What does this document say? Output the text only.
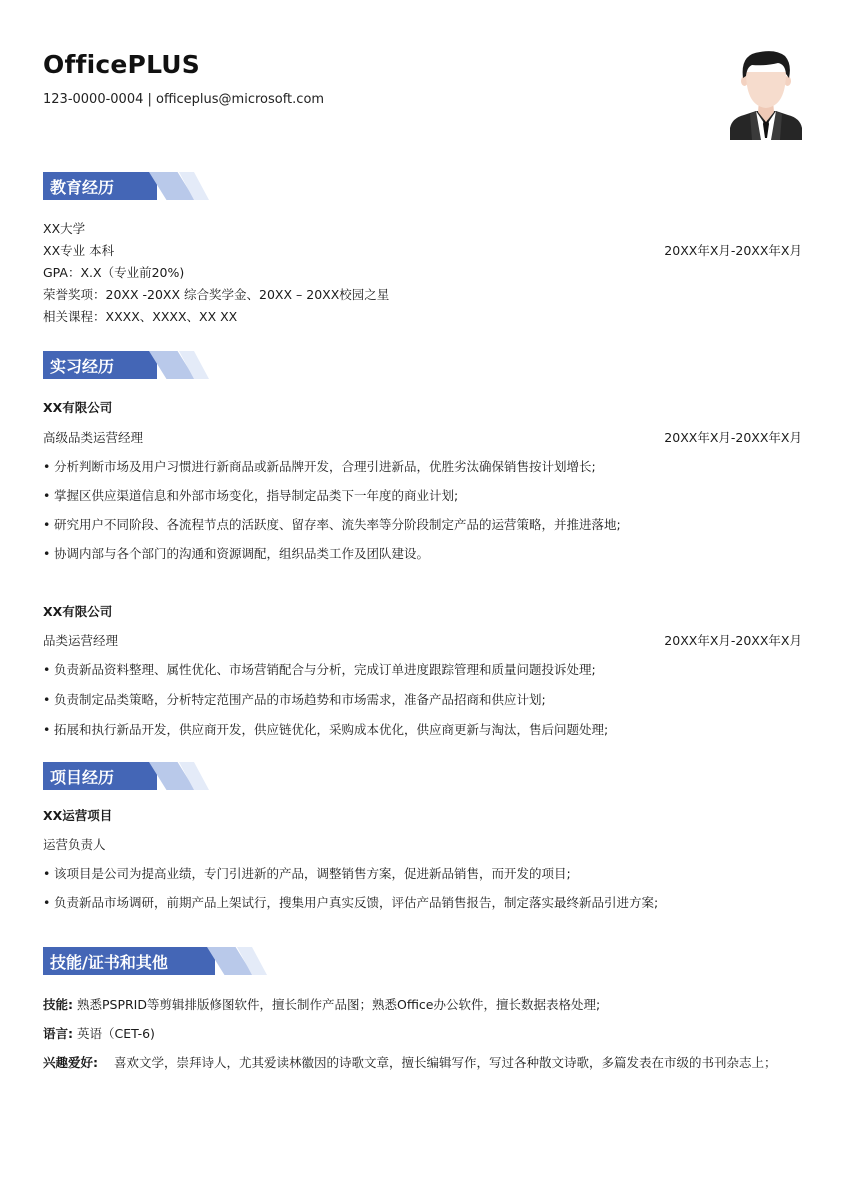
OfficePLUS
123-0000-0004 | officeplus@microsoft.com
教育经历
XX大学
XX专业 本科	20XX年X月-20XX年X月
GPA：X.X（专业前20%)
荣誉奖项：20XX -20XX 综合奖学金、20XX – 20XX校园之星
相关课程：XXXX、XXXX、XX XX
实习经历
XX有限公司
高级品类运营经理	20XX年X月-20XX年X月
• 分析判断市场及用户习惯进行新商品或新品牌开发，合理引进新品，优胜劣汰确保销售按计划增长;
• 掌握区供应渠道信息和外部市场变化，指导制定品类下一年度的商业计划;
• 研究用户不同阶段、各流程节点的活跃度、留存率、流失率等分阶段制定产品的运营策略，并推进落地;
• 协调内部与各个部门的沟通和资源调配，组织品类工作及团队建设。
XX有限公司
品类运营经理	20XX年X月-20XX年X月
• 负责新品资料整理、属性优化、市场营销配合与分析，完成订单进度跟踪管理和质量问题投诉处理;
• 负责制定品类策略，分析特定范围产品的市场趋势和市场需求，准备产品招商和供应计划;
• 拓展和执行新品开发，供应商开发，供应链优化，采购成本优化，供应商更新与淘汰，售后问题处理;
项目经历
XX运营项目
运营负责人
• 该项目是公司为提高业绩，专门引进新的产品，调整销售方案，促进新品销售，而开发的项目;
• 负责新品市场调研，前期产品上架试行，搜集用户真实反馈，评估产品销售报告，制定落实最终新品引进方案;
技能/证书和其他
技能: 熟悉PSPRID等剪辑排版修图软件，擅长制作产品图；熟悉Office办公软件，擅长数据表格处理;
语言: 英语（CET-6)
兴趣爱好: 喜欢文学，崇拜诗人，尤其爱读林徽因的诗歌文章，擅长编辑写作，写过各种散文诗歌，多篇发表在市级的书刊杂志上；
